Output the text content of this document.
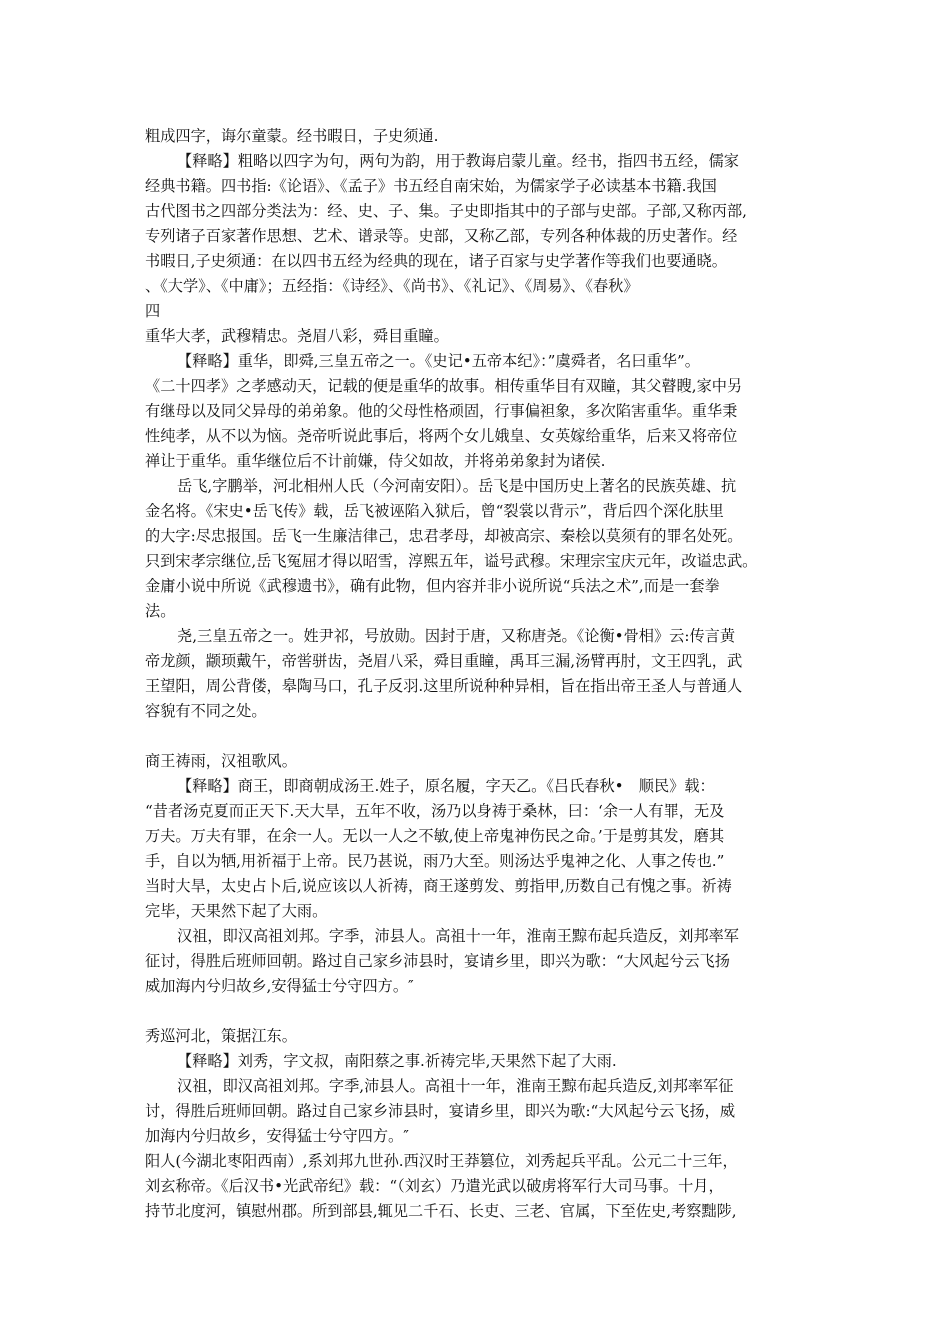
粗成四字，诲尔童蒙。经书暇日，子史须通.
【释略】粗略以四字为句，两句为韵，用于教诲启蒙儿童。经书，指四书五经，儒家
经典书籍。四书指:《论语》、《孟子》书五经自南宋始，为儒家学子必读基本书籍.我国
古代图书之四部分类法为：经、史、子、集。子史即指其中的子部与史部。子部,又称丙部,
专列诸子百家著作思想、艺术、谱录等。史部，又称乙部，专列各种体裁的历史著作。经
书暇日,子史须通：在以四书五经为经典的现在，诸子百家与史学著作等我们也要通晓。
、《大学》、《中庸》；五经指：《诗经》、《尚书》、《礼记》、《周易》、《春秋》
四
重华大孝，武穆精忠。尧眉八彩，舜目重瞳。
【释略】重华，即舜,三皇五帝之一。《史记•五帝本纪》：”虞舜者，名曰重华”。
《二十四孝》之孝感动天，记载的便是重华的故事。相传重华目有双瞳，其父瞽瞍,家中另
有继母以及同父异母的弟弟象。他的父母性格顽固，行事偏袒象，多次陷害重华。重华秉
性纯孝，从不以为恼。尧帝听说此事后，将两个女儿娥皇、女英嫁给重华，后来又将帝位
禅让于重华。重华继位后不计前嫌，侍父如故，并将弟弟象封为诸侯.
岳飞,字鹏举，河北相州人氏（今河南安阳）。岳飞是中国历史上著名的民族英雄、抗
金名将。《宋史•岳飞传》载，岳飞被诬陷入狱后，曾“裂裳以背示”，背后四个深化肤里
的大字:尽忠报国。岳飞一生廉洁律己，忠君孝母，却被高宗、秦桧以莫须有的罪名处死。
只到宋孝宗继位,岳飞冤屈才得以昭雪，淳熙五年，谥号武穆。宋理宗宝庆元年，改谥忠武。
金庸小说中所说《武穆遗书》，确有此物，但内容并非小说所说“兵法之术”,而是一套拳
法。
尧,三皇五帝之一。姓尹祁，号放勋。因封于唐，又称唐尧。《论衡•骨相》云:传言黄
帝龙颜，颛顼戴午，帝喾骈齿，尧眉八采，舜目重瞳，禹耳三漏,汤臂再肘，文王四乳，武
王望阳，周公背偻，皋陶马口，孔子反羽.这里所说种种异相，旨在指出帝王圣人与普通人
容貌有不同之处。
商王祷雨，汉祖歌风。
【释略】商王，即商朝成汤王.姓子，原名履，字天乙。《吕氏春秋•　顺民》载：
“昔者汤克夏而正天下.天大旱，五年不收，汤乃以身祷于桑林，曰：‘余一人有罪，无及
万夫。万夫有罪，在余一人。无以一人之不敏,使上帝鬼神伤民之命。’于是剪其发，磨其
手，自以为牺,用祈福于上帝。民乃甚说，雨乃大至。则汤达乎鬼神之化、人事之传也.”
当时大旱，太史占卜后,说应该以人祈祷，商王遂剪发、剪指甲,历数自己有愧之事。祈祷
完毕，天果然下起了大雨。
汉祖，即汉高祖刘邦。字季，沛县人。高祖十一年，淮南王黥布起兵造反，刘邦率军
征讨，得胜后班师回朝。路过自己家乡沛县时，宴请乡里，即兴为歌：“大风起兮云飞扬
威加海内兮归故乡,安得猛士兮守四方。″
秀巡河北，策据江东。
【释略】刘秀，字文叔，南阳蔡之事.祈祷完毕,天果然下起了大雨.
汉祖，即汉高祖刘邦。字季,沛县人。高祖十一年，淮南王黥布起兵造反,刘邦率军征
讨，得胜后班师回朝。路过自己家乡沛县时，宴请乡里，即兴为歌:“大风起兮云飞扬，威
加海内兮归故乡，安得猛士兮守四方。″
阳人(今湖北枣阳西南）,系刘邦九世孙.西汉时王莽篡位，刘秀起兵平乱。公元二十三年，
刘玄称帝。《后汉书•光武帝纪》载：“（刘玄）乃遣光武以破虏将军行大司马事。十月，
持节北度河，镇慰州郡。所到部县,辄见二千石、长吏、三老、官属，下至佐史,考察黜陟,
